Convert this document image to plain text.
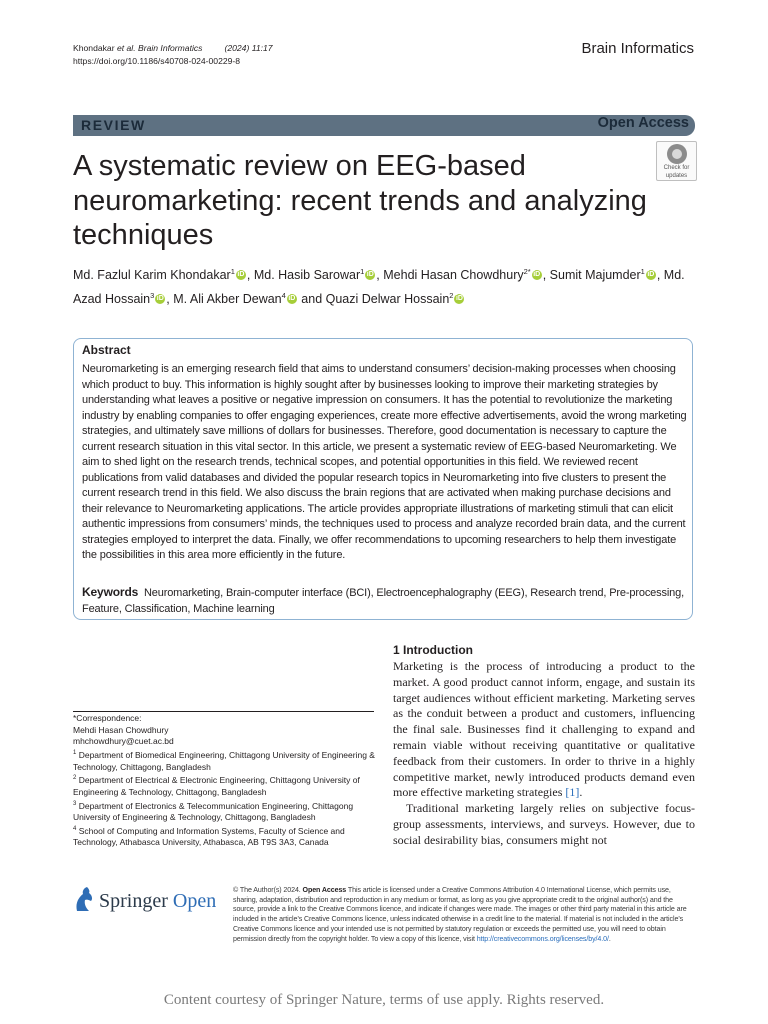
Khondakar et al. Brain Informatics	(2024) 11:17
https://doi.org/10.1186/s40708-024-00229-8
Brain Informatics
REVIEW	Open Access
A systematic review on EEG-based neuromarketing: recent trends and analyzing techniques
Check for
updates
Md. Fazlul Karim Khondakar$^1$ iD , Md. Hasib Sarowar$^1$ iD , Mehdi Hasan Chowdhury$^{2*}$ iD , Sumit Majumder$^1$ iD , Md. Azad Hossain$^3$ iD , M. Ali Akber Dewan$^4$ iD and Quazi Delwar Hossain$^2$ iD
Abstract
Neuromarketing is an emerging research field that aims to understand consumers’ decision-making processes when choosing which product to buy. This information is highly sought after by businesses looking to improve their marketing strategies by understanding what leaves a positive or negative impression on consumers. It has the potential to revolutionize the marketing industry by enabling companies to offer engaging experiences, create more effective advertisements, avoid the wrong marketing strategies, and ultimately save millions of dollars for businesses. Therefore, good documentation is necessary to capture the current research situation in this vital sector. In this article, we present a systematic review of EEG-based Neuromarketing. We aim to shed light on the research trends, technical scopes, and potential opportunities in this field. We reviewed recent publications from valid databases and divided the popular research topics in Neuromarketing into five clusters to present the current research trend in this field. We also discuss the brain regions that are activated when making purchase decisions and their relevance to Neuromarketing applications. The article provides appropriate illustrations of marketing stimuli that can elicit authentic impressions from consumers’ minds, the techniques used to process and analyze recorded brain data, and the current strategies employed to interpret the data. Finally, we offer recommendations to upcoming researchers to help them investigate the possibilities in this area more efficiently in the future.
Keywords Neuromarketing, Brain-computer interface (BCI), Electroencephalography (EEG), Research trend, Pre-processing, Feature, Classification, Machine learning
1 Introduction

Marketing is the process of introducing a product to the market. A good product cannot inform, engage, and sustain its target audiences without efficient marketing. Marketing serves as the conduit between a product and customers, influencing the final sale. Businesses find it challenging to expand and remain viable without receiving quantitative or qualitative feedback from their customers. In order to thrive in a highly competitive market, newly introduced products demand even more effective marketing strategies [1].

Traditional marketing largely relies on subjective focus-group assessments, interviews, and surveys. However, due to social desirability bias, consumers might not

*Correspondence:
Mehdi Hasan Chowdhury
mhchowdhury@cuet.ac.bd
$^1$ Department of Biomedical Engineering, Chittagong University of Engineering & Technology, Chittagong, Bangladesh
$^2$ Department of Electrical & Electronic Engineering, Chittagong University of Engineering & Technology, Chittagong, Bangladesh
$^3$ Department of Electronics & Telecommunication Engineering, Chittagong University of Engineering & Technology, Chittagong, Bangladesh
$^4$ School of Computing and Information Systems, Faculty of Science and Technology, Athabasca University, Athabasca, AB T9S 3A3, Canada
Springer Open © The Author(s) 2024. Open Access This article is licensed under a Creative Commons Attribution 4.0 International License, which permits use, sharing, adaptation, distribution and reproduction in any medium or format, as long as you give appropriate credit to the original author(s) and the source, provide a link to the Creative Commons licence, and indicate if changes were made. The images or other third party material in this article are included in the article’s Creative Commons licence, unless indicated otherwise in a credit line to the material. If material is not included in the article’s Creative Commons licence and your intended use is not permitted by statutory regulation or exceeds the permitted use, you will need to obtain permission directly from the copyright holder. To view a copy of this licence, visit http://creativecommons.org/licenses/by/4.0/.
Content courtesy of Springer Nature, terms of use apply. Rights reserved.
